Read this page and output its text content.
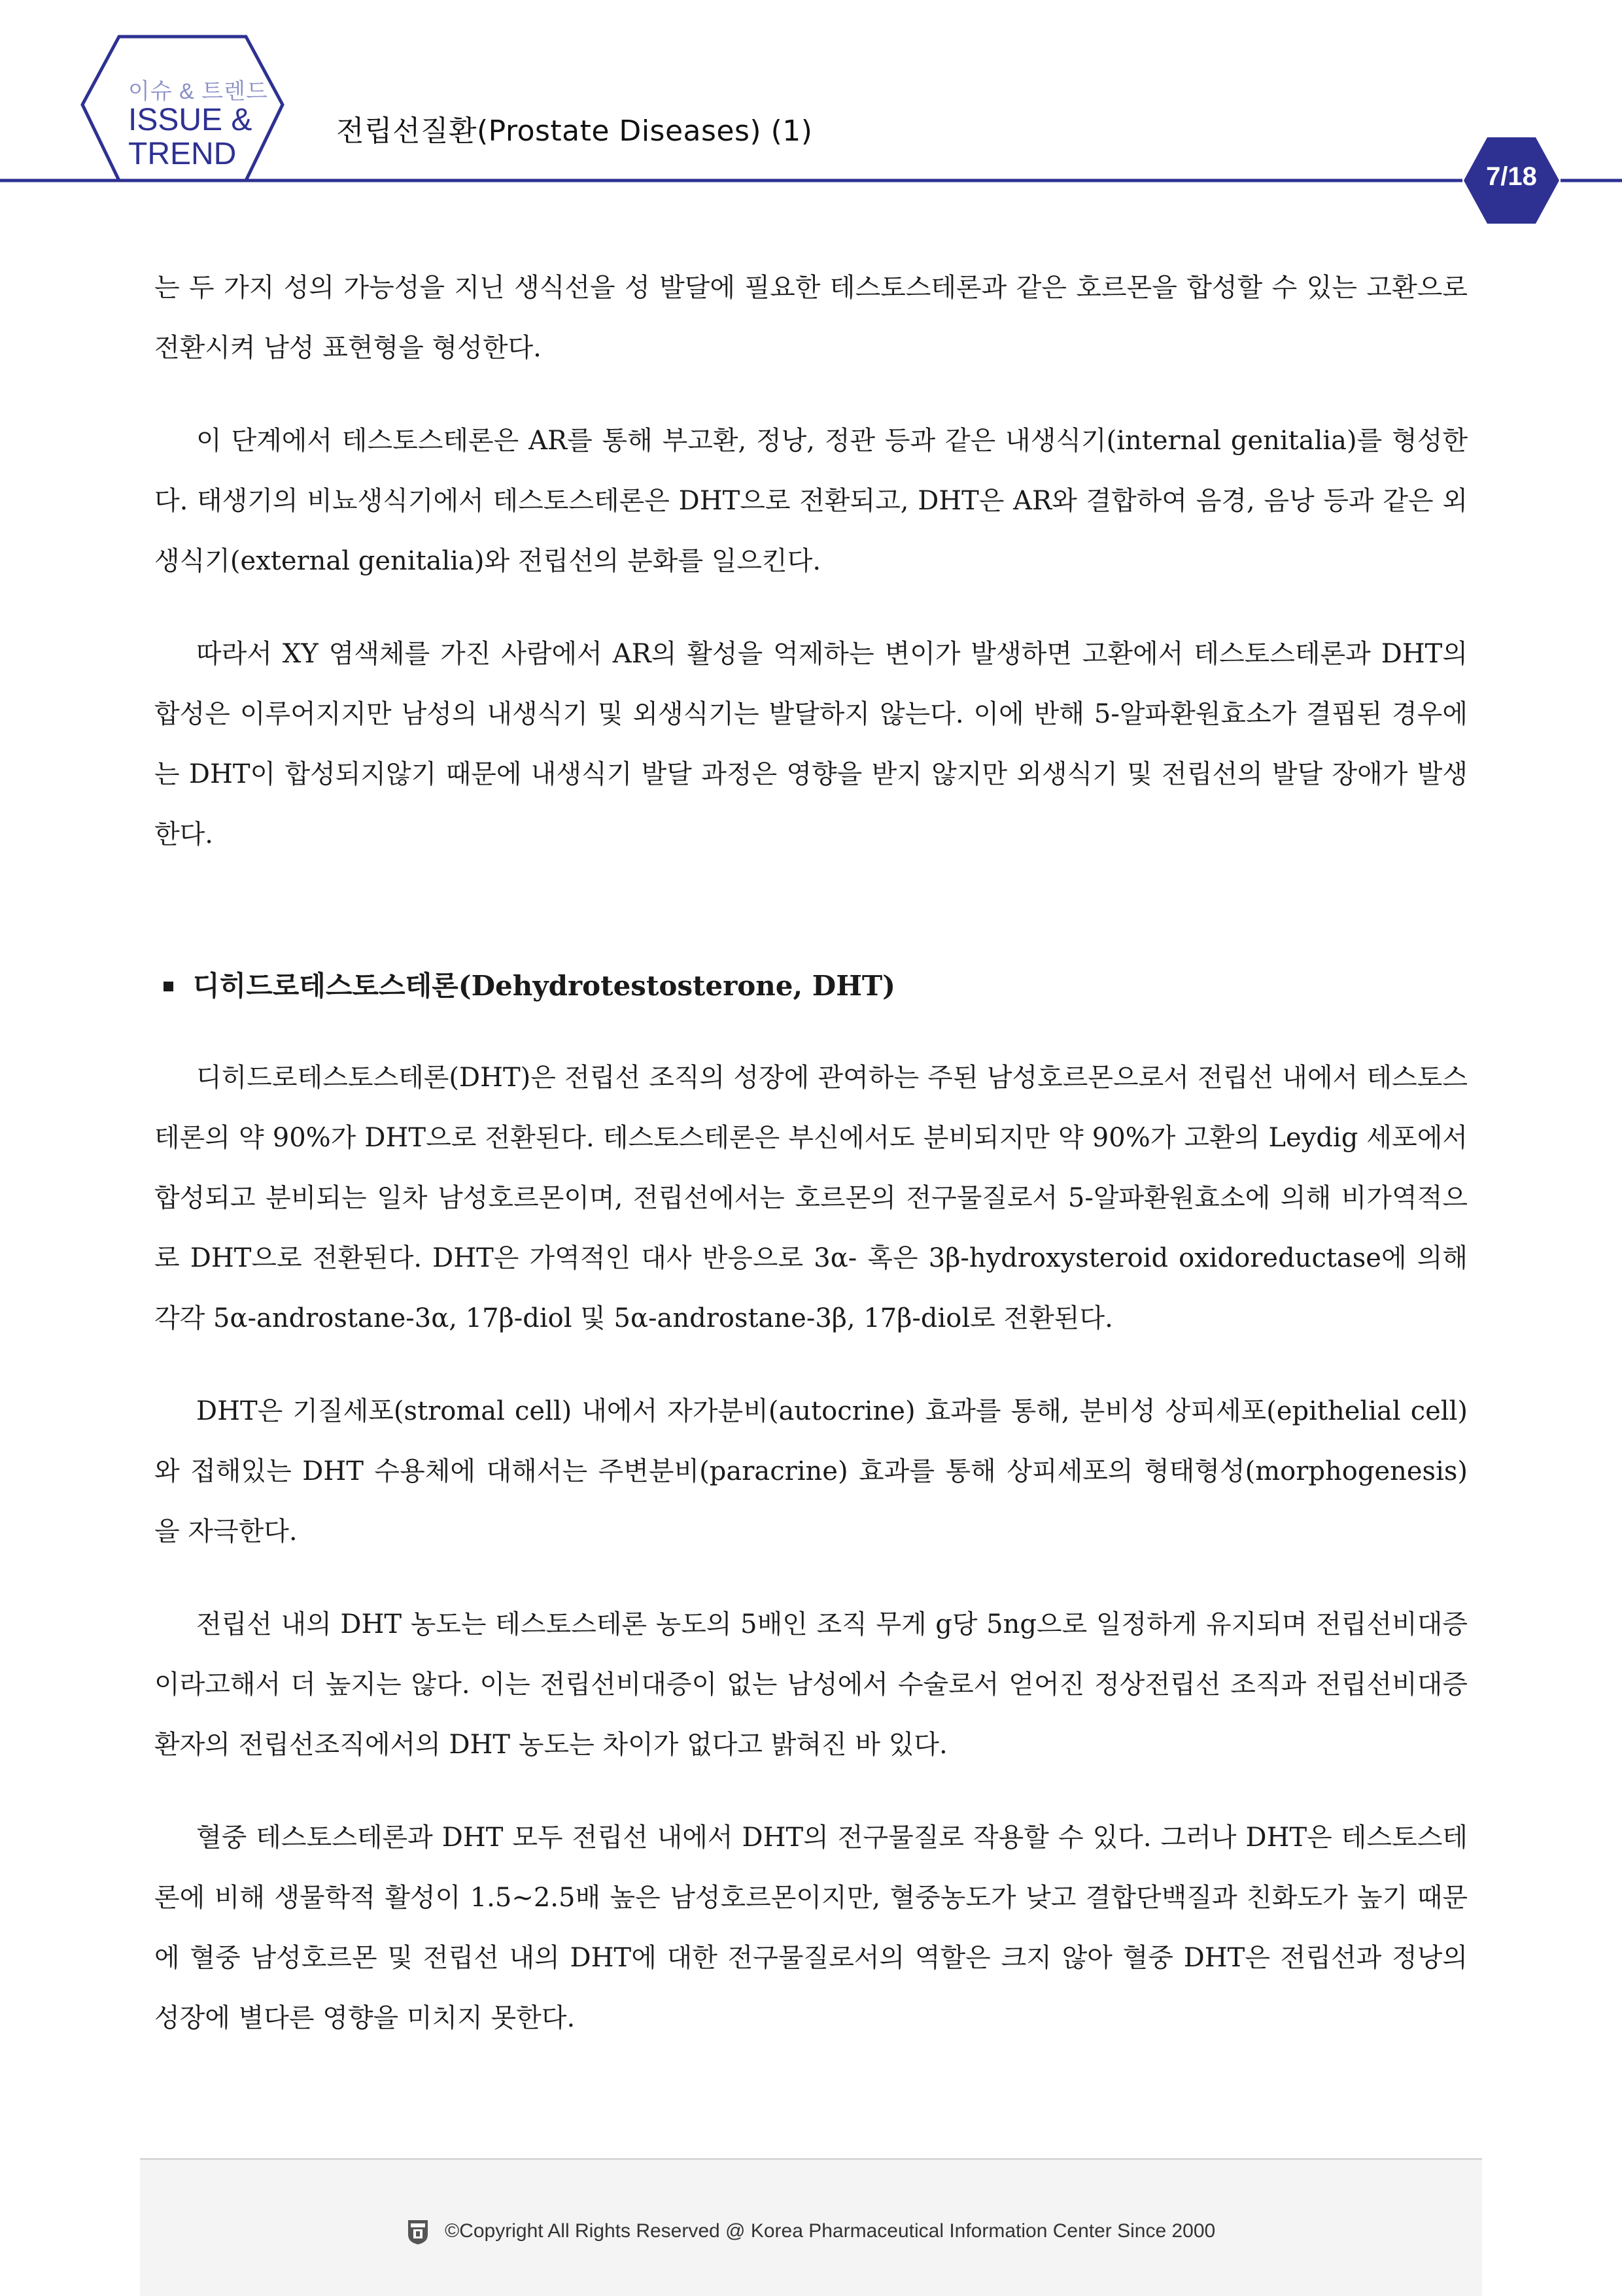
이슈 & 트렌드
ISSUE &
TREND
전립선질환(Prostate Diseases) (1)
7/18

는 두 가지 성의 가능성을 지닌 생식선을 성 발달에 필요한 테스토스테론과 같은 호르몬을 합성할 수 있는 고환으로 전환시켜 남성 표현형을 형성한다.

이 단계에서 테스토스테론은 AR를 통해 부고환, 정낭, 정관 등과 같은 내생식기(internal genitalia)를 형성한다. 태생기의 비뇨생식기에서 테스토스테론은 DHT으로 전환되고, DHT은 AR와 결합하여 음경, 음낭 등과 같은 외생식기(external genitalia)와 전립선의 분화를 일으킨다.

따라서 XY 염색체를 가진 사람에서 AR의 활성을 억제하는 변이가 발생하면 고환에서 테스토스테론과 DHT의 합성은 이루어지지만 남성의 내생식기 및 외생식기는 발달하지 않는다. 이에 반해 5-알파환원효소가 결핍된 경우에는 DHT이 합성되지않기 때문에 내생식기 발달 과정은 영향을 받지 않지만 외생식기 및 전립선의 발달 장애가 발생한다.

디히드로테스토스테론(Dehydrotestosterone, DHT)

디히드로테스토스테론(DHT)은 전립선 조직의 성장에 관여하는 주된 남성호르몬으로서 전립선 내에서 테스토스테론의 약 90%가 DHT으로 전환된다. 테스토스테론은 부신에서도 분비되지만 약 90%가 고환의 Leydig 세포에서 합성되고 분비되는 일차 남성호르몬이며, 전립선에서는 호르몬의 전구물질로서 5-알파환원효소에 의해 비가역적으로 DHT으로 전환된다. DHT은 가역적인 대사 반응으로 3α- 혹은 3β-hydroxysteroid oxidoreductase에 의해 각각 5α-androstane-3α, 17β-diol 및 5α-androstane-3β, 17β-diol로 전환된다.

DHT은 기질세포(stromal cell) 내에서 자가분비(autocrine) 효과를 통해, 분비성 상피세포(epithelial cell)와 접해있는 DHT 수용체에 대해서는 주변분비(paracrine) 효과를 통해 상피세포의 형태형성(morphogenesis)을 자극한다.

전립선 내의 DHT 농도는 테스토스테론 농도의 5배인 조직 무게 g당 5ng으로 일정하게 유지되며 전립선비대증이라고해서 더 높지는 않다. 이는 전립선비대증이 없는 남성에서 수술로서 얻어진 정상전립선 조직과 전립선비대증 환자의 전립선조직에서의 DHT 농도는 차이가 없다고 밝혀진 바 있다.

혈중 테스토스테론과 DHT 모두 전립선 내에서 DHT의 전구물질로 작용할 수 있다. 그러나 DHT은 테스토스테론에 비해 생물학적 활성이 1.5~2.5배 높은 남성호르몬이지만, 혈중농도가 낮고 결합단백질과 친화도가 높기 때문에 혈중 남성호르몬 및 전립선 내의 DHT에 대한 전구물질로서의 역할은 크지 않아 혈중 DHT은 전립선과 정낭의 성장에 별다른 영향을 미치지 못한다.

©Copyright All Rights Reserved @ Korea Pharmaceutical Information Center Since 2000
